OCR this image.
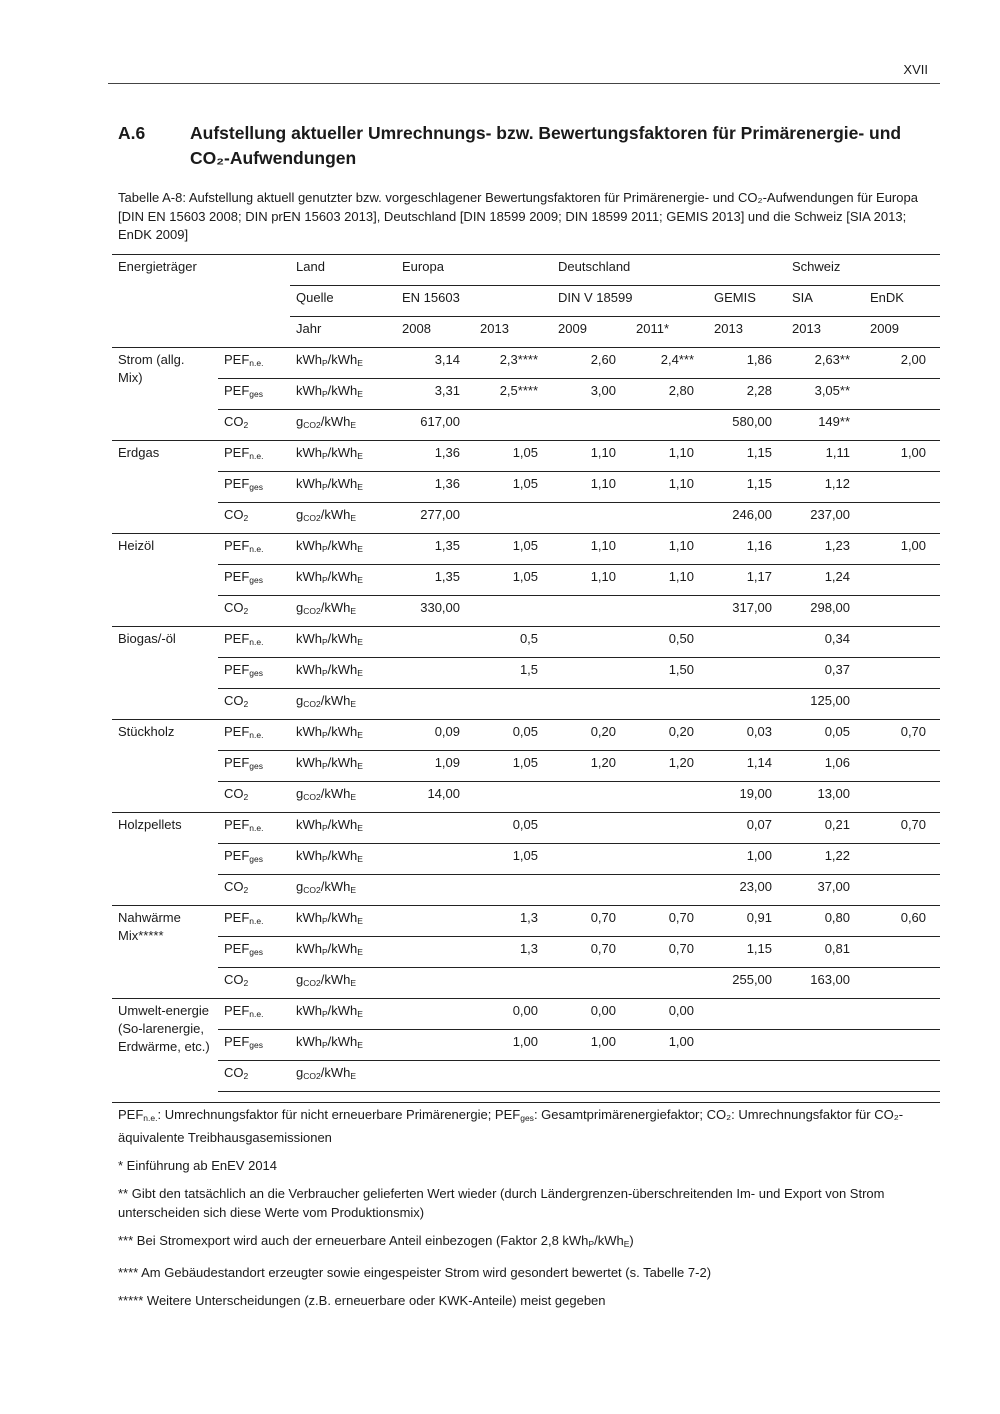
XVII
A.6	Aufstellung aktueller Umrechnungs- bzw. Bewertungsfaktoren für Primärenergie- und CO₂-Aufwendungen
Tabelle A-8: Aufstellung aktuell genutzter bzw. vorgeschlagener Bewertungsfaktoren für Primärenergie- und CO₂-Aufwendungen für Europa [DIN EN 15603 2008; DIN prEN 15603 2013], Deutschland [DIN 18599 2009; DIN 18599 2011; GEMIS 2013] und die Schweiz [SIA 2013; EnDK 2009]
Energieträger		Land	Europa		Deutschland			Schweiz	
		Quelle	EN 15603		DIN V 18599		GEMIS	SIA	EnDK
		Jahr	2008	2013	2009	2011*	2013	2013	2009
Strom (allg. Mix)	$PEF_{n.e.}$	kWh$_P$/kWh$_E$	3,14	2,3****	2,60	2,4***	1,86	2,63**	2,00
	$PEF_{ges}$	kWh$_P$/kWh$_E$	3,31	2,5****	3,00	2,80	2,28	3,05**	
	$CO_2$	$g_{CO2}/kWh_E$	617,00				580,00	149**	
Erdgas	$PEF_{n.e.}$	kWh$_P$/kWh$_E$	1,36	1,05	1,10	1,10	1,15	1,11	1,00
	$PEF_{ges}$	kWh$_P$/kWh$_E$	1,36	1,05	1,10	1,10	1,15	1,12	
	$CO_2$	$g_{CO2}/kWh_E$	277,00				246,00	237,00	
Heizöl	$PEF_{n.e.}$	kWh$_P$/kWh$_E$	1,35	1,05	1,10	1,10	1,16	1,23	1,00
	$PEF_{ges}$	kWh$_P$/kWh$_E$	1,35	1,05	1,10	1,10	1,17	1,24	
	$CO_2$	$g_{CO2}/kWh_E$	330,00				317,00	298,00	
Biogas/-öl	$PEF_{n.e.}$	kWh$_P$/kWh$_E$		0,5		0,50		0,34	
	$PEF_{ges}$	kWh$_P$/kWh$_E$		1,5		1,50		0,37	
	$CO_2$	$g_{CO2}/kWh_E$						125,00	
Stückholz	$PEF_{n.e.}$	kWh$_P$/kWh$_E$	0,09	0,05	0,20	0,20	0,03	0,05	0,70
	$PEF_{ges}$	kWh$_P$/kWh$_E$	1,09	1,05	1,20	1,20	1,14	1,06	
	$CO_2$	$g_{CO2}/kWh_E$	14,00				19,00	13,00	
Holzpellets	$PEF_{n.e.}$	kWh$_P$/kWh$_E$		0,05			0,07	0,21	0,70
	$PEF_{ges}$	kWh$_P$/kWh$_E$		1,05			1,00	1,22	
	$CO_2$	$g_{CO2}/kWh_E$					23,00	37,00	
Nahwärme Mix*****	$PEF_{n.e.}$	kWh$_P$/kWh$_E$		1,3	0,70	0,70	0,91	0,80	0,60
	$PEF_{ges}$	kWh$_P$/kWh$_E$		1,3	0,70	0,70	1,15	0,81	
	$CO_2$	$g_{CO2}/kWh_E$					255,00	163,00	
Umwelt-energie (So-larenergie, Erdwärme, etc.)	$PEF_{n.e.}$	kWh$_P$/kWh$_E$		0,00	0,00	0,00			
	$PEF_{ges}$	kWh$_P$/kWh$_E$		1,00	1,00	1,00			
	$CO_2$	$g_{CO2}/kWh_E$							

$PEF_{n.e.}$: Umrechnungsfaktor für nicht erneuerbare Primärenergie; $PEF_{ges}$: Gesamtprimärenergiefaktor; CO₂: Umrechnungsfaktor für CO₂-äquivalente Treibhausgasemissionen

* Einführung ab EnEV 2014

** Gibt den tatsächlich an die Verbraucher gelieferten Wert wieder (durch Ländergrenzen-überschreitenden Im- und Export von Strom unterscheiden sich diese Werte vom Produktionsmix)

*** Bei Stromexport wird auch der erneuerbare Anteil einbezogen (Faktor 2,8 kWh$_P$/kWh$_E$)

**** Am Gebäudestandort erzeugter sowie eingespeister Strom wird gesondert bewertet (s. Tabelle 7-2)

***** Weitere Unterscheidungen (z.B. erneuerbare oder KWK-Anteile) meist gegeben
